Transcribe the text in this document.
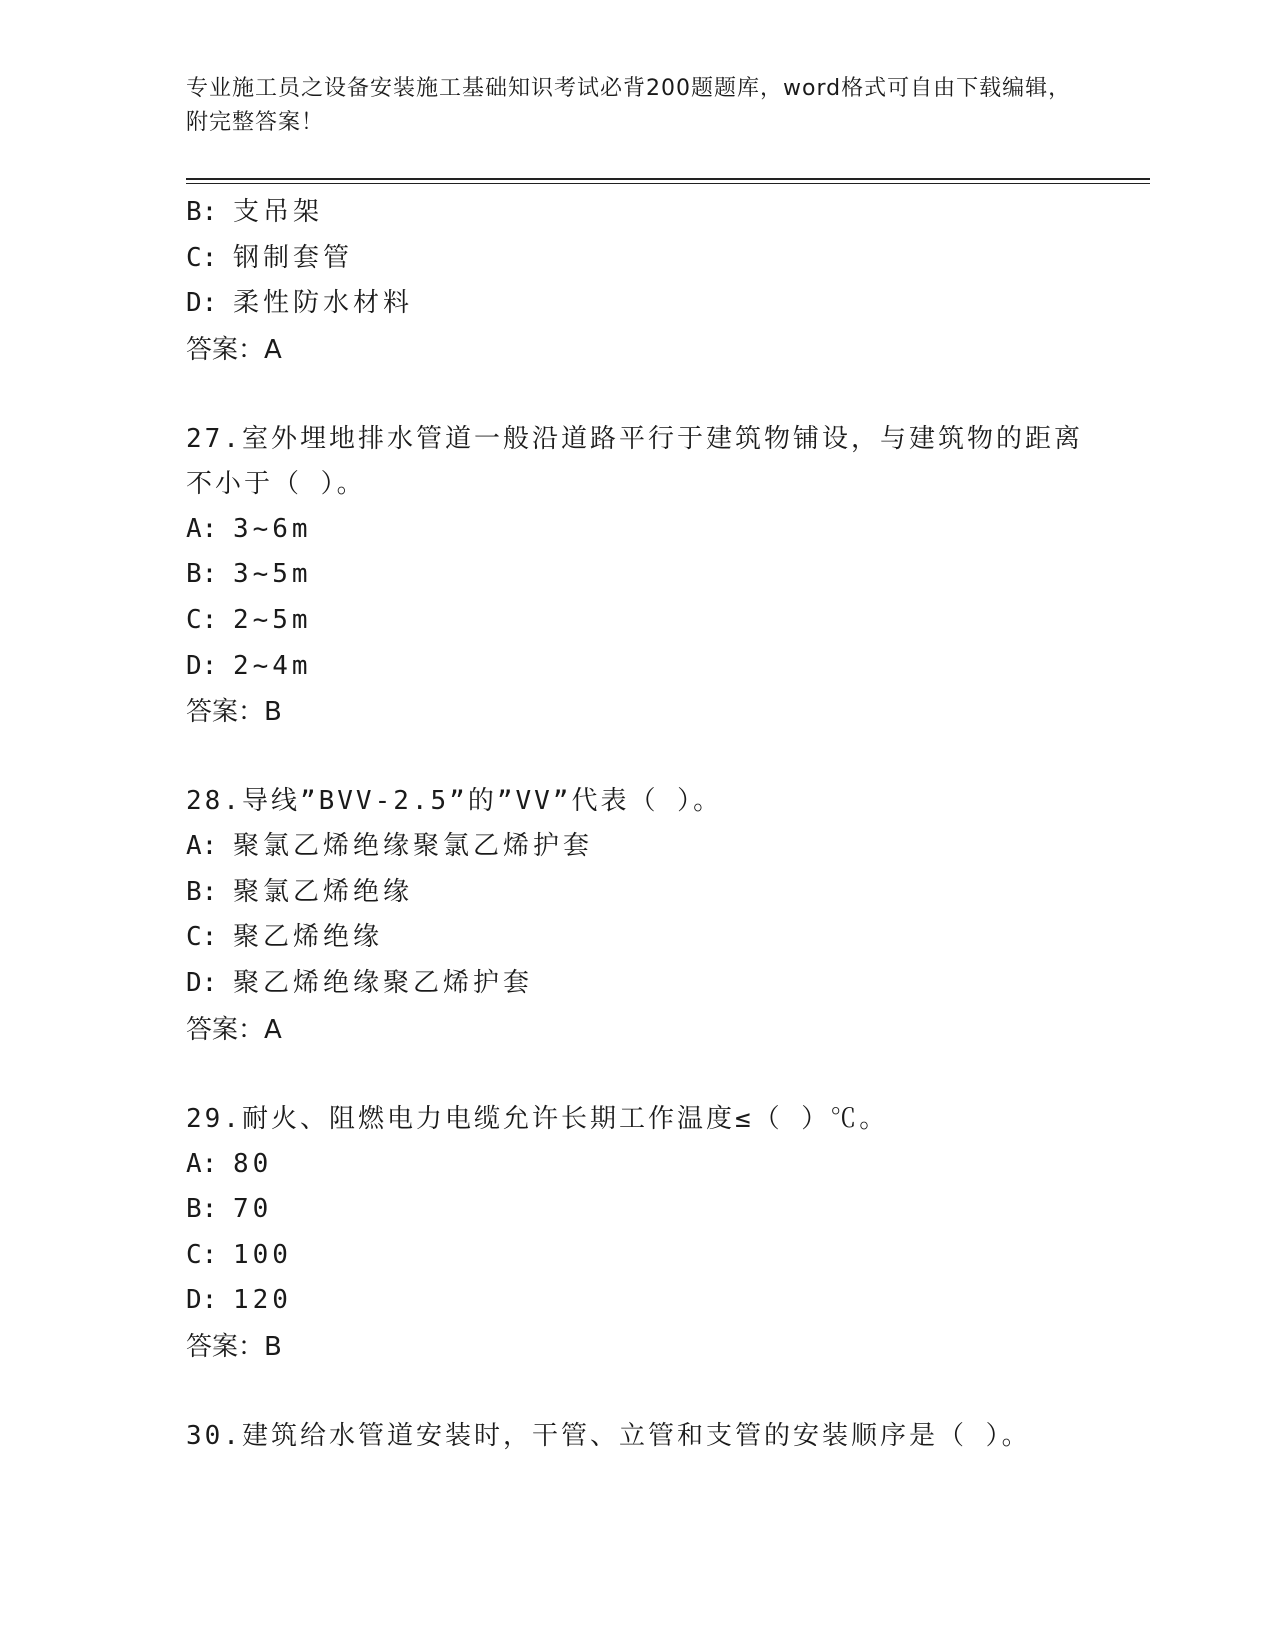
专业施工员之设备安装施工基础知识考试必背200题题库，word格式可自由下载编辑，附完整答案！
B: 支吊架
C: 钢制套管
D: 柔性防水材料
答案：A
27.室外埋地排水管道一般沿道路平行于建筑物铺设，与建筑物的距离不小于（ ）。
A: 3~6m
B: 3~5m
C: 2~5m
D: 2~4m
答案：B
28.导线”BVV-2.5”的”VV”代表（ ）。
A: 聚氯乙烯绝缘聚氯乙烯护套
B: 聚氯乙烯绝缘
C: 聚乙烯绝缘
D: 聚乙烯绝缘聚乙烯护套
答案：A
29.耐火、阻燃电力电缆允许长期工作温度≤（ ）℃。
A: 80
B: 70
C: 100
D: 120
答案：B
30.建筑给水管道安装时，干管、立管和支管的安装顺序是（ ）。
